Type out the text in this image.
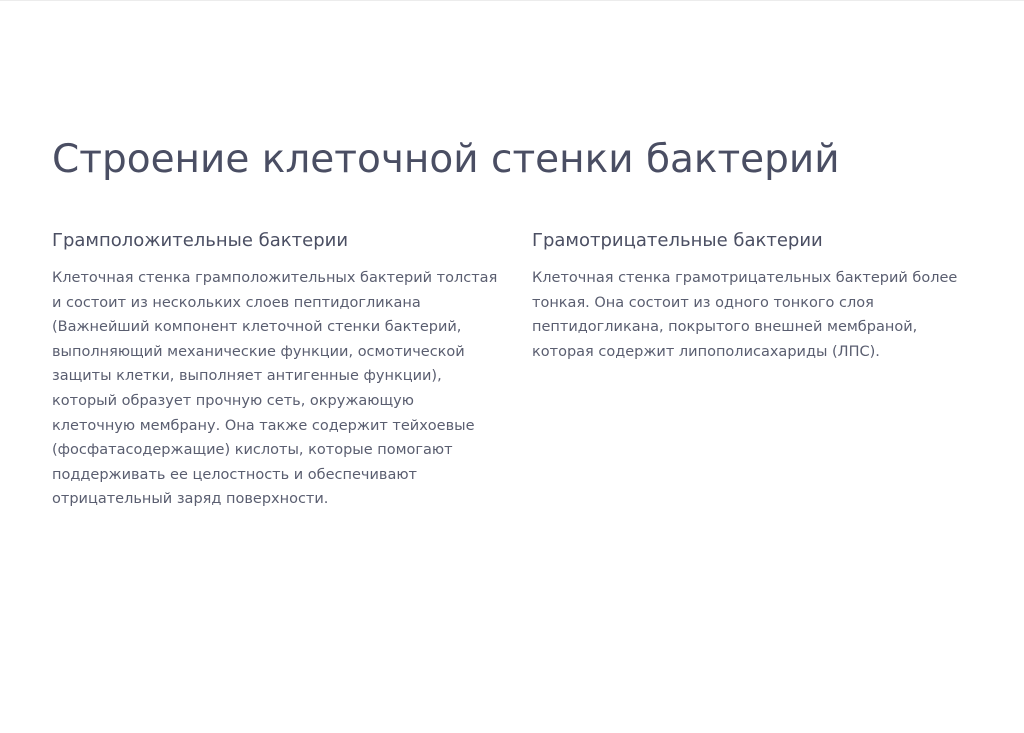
Строение клеточной стенки бактерий
Грамположительные бактерии

Клеточная стенка грамположительных бактерий толстая
и состоит из нескольких слоев пептидогликана
(Важнейший компонент клеточной стенки бактерий,
выполняющий механические функции, осмотической
защиты клетки, выполняет антигенные функции),
который образует прочную сеть, окружающую
клеточную мембрану. Она также содержит тейхоевые
(фосфатасодержащие) кислоты, которые помогают
поддерживать ее целостность и обеспечивают
отрицательный заряд поверхности.

Грамотрицательные бактерии

Клеточная стенка грамотрицательных бактерий более
тонкая. Она состоит из одного тонкого слоя
пептидогликана, покрытого внешней мембраной,
которая содержит липополисахариды (ЛПС).
